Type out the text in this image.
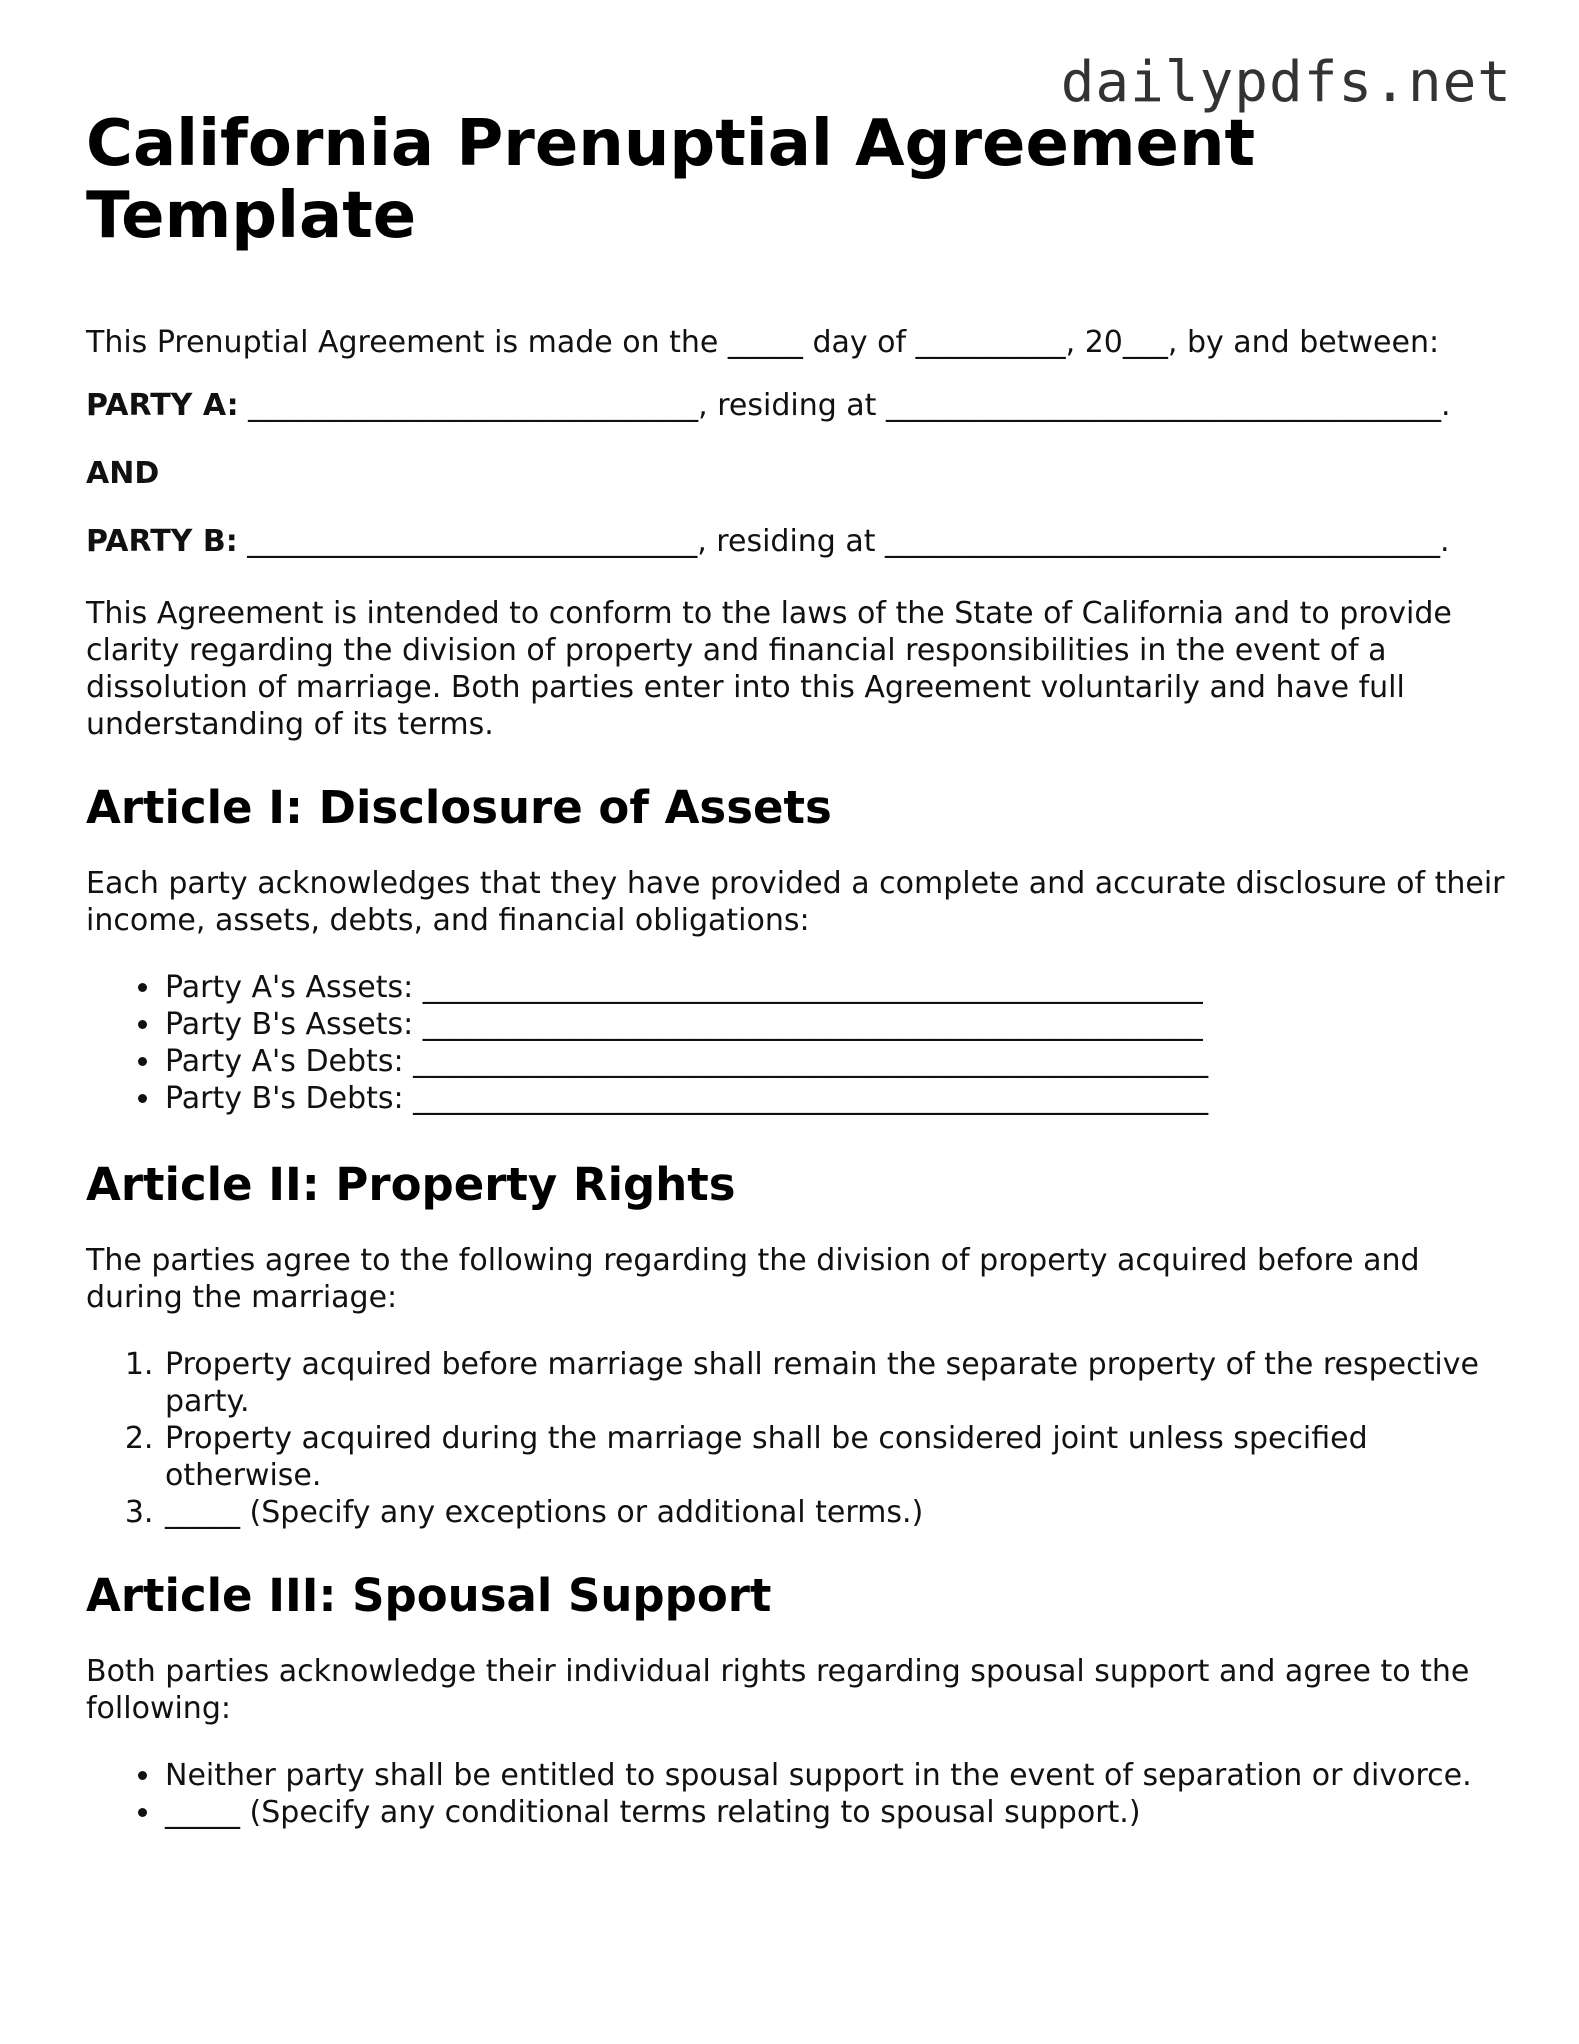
dailypdfs.net
California Prenuptial Agreement Template

This Prenuptial Agreement is made on the _____ day of __________, 20___, by and between:

PARTY A: ______________________________, residing at _____________________________________.

AND

PARTY B: ______________________________, residing at _____________________________________.

This Agreement is intended to conform to the laws of the State of California and to provide clarity regarding the division of property and financial responsibilities in the event of a dissolution of marriage. Both parties enter into this Agreement voluntarily and have full understanding of its terms.

Article I: Disclosure of Assets

Each party acknowledges that they have provided a complete and accurate disclosure of their income, assets, debts, and financial obligations:

• Party A's Assets: ____________________________________________________
• Party B's Assets: ____________________________________________________
• Party A's Debts: _____________________________________________________
• Party B's Debts: _____________________________________________________
Article II: Property Rights

The parties agree to the following regarding the division of property acquired before and during the marriage:

1. Property acquired before marriage shall remain the separate property of the respective party.
2. Property acquired during the marriage shall be considered joint unless specified otherwise.
3. _____ (Specify any exceptions or additional terms.)
Article III: Spousal Support

Both parties acknowledge their individual rights regarding spousal support and agree to the following:

• Neither party shall be entitled to spousal support in the event of separation or divorce.
• _____ (Specify any conditional terms relating to spousal support.)
